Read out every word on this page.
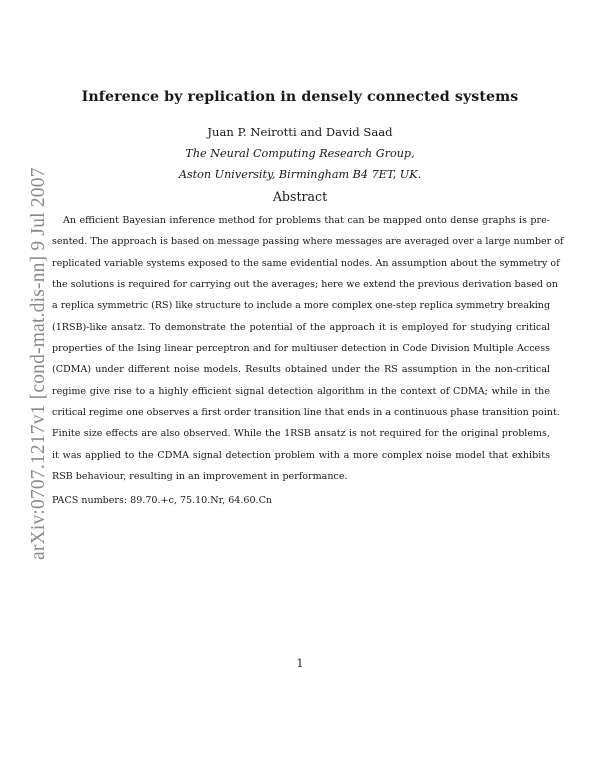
arXiv:0707.1217v1 [cond-mat.dis-nn] 9 Jul 2007
Inference by replication in densely connected systems
Juan P. Neirotti and David Saad
The Neural Computing Research Group,
Aston University, Birmingham B4 7ET, UK.
Abstract
An efficient Bayesian inference method for problems that can be mapped onto dense graphs is pre-
sented. The approach is based on message passing where messages are averaged over a large number of
replicated variable systems exposed to the same evidential nodes. An assumption about the symmetry of
the solutions is required for carrying out the averages; here we extend the previous derivation based on
a replica symmetric (RS) like structure to include a more complex one-step replica symmetry breaking
(1RSB)-like ansatz. To demonstrate the potential of the approach it is employed for studying critical
properties of the Ising linear perceptron and for multiuser detection in Code Division Multiple Access
(CDMA) under different noise models. Results obtained under the RS assumption in the non-critical
regime give rise to a highly efficient signal detection algorithm in the context of CDMA; while in the
critical regime one observes a first order transition line that ends in a continuous phase transition point.
Finite size effects are also observed. While the 1RSB ansatz is not required for the original problems,
it was applied to the CDMA signal detection problem with a more complex noise model that exhibits
RSB behaviour, resulting in an improvement in performance.
PACS numbers: 89.70.+c, 75.10.Nr, 64.60.Cn
1
